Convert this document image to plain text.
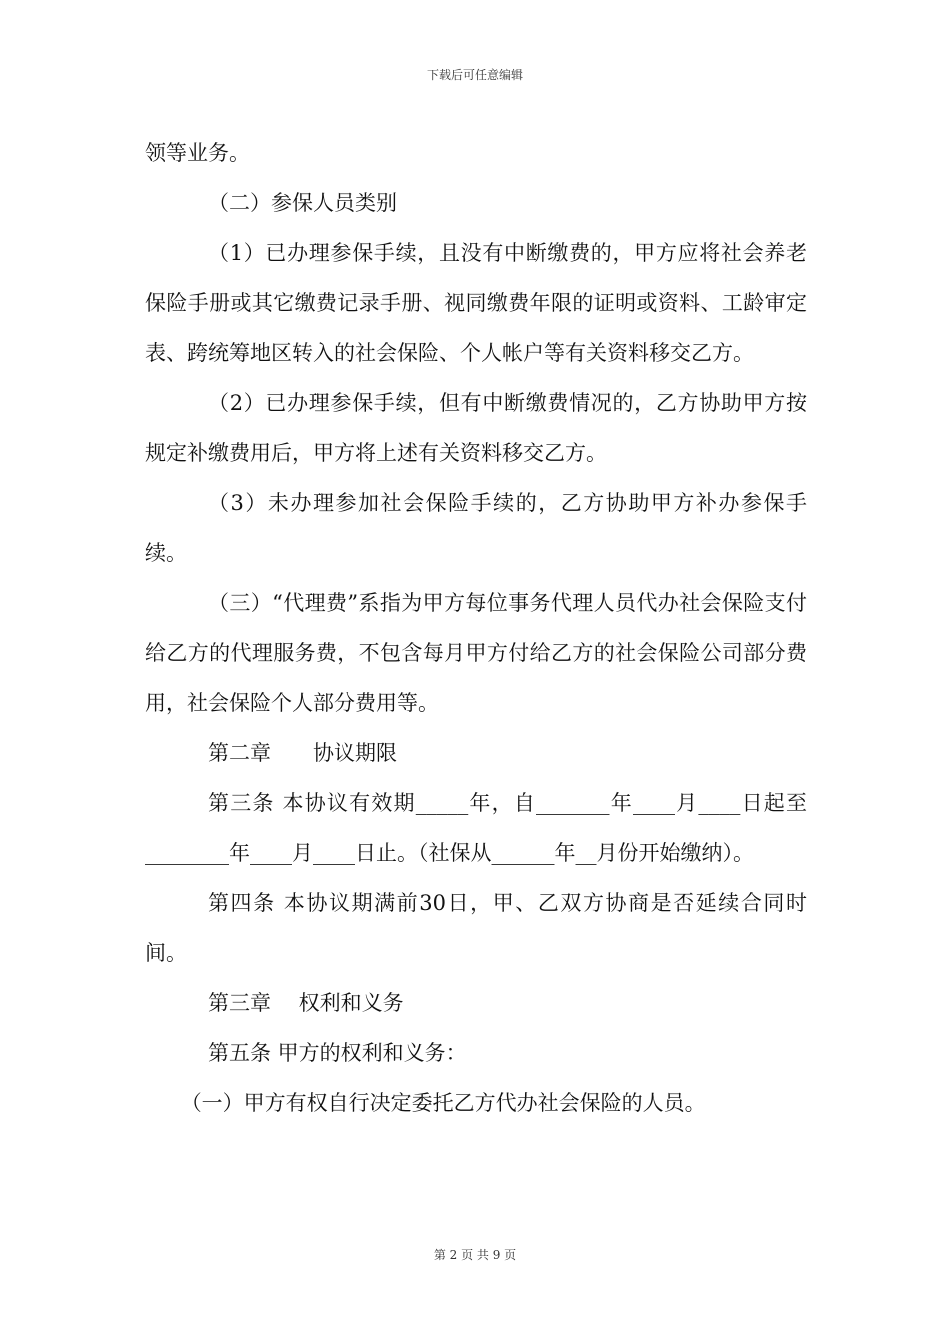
下载后可任意编辑

领等业务。

（二）参保人员类别

（1）已办理参保手续，且没有中断缴费的，甲方应将社会养老保险手册或其它缴费记录手册、视同缴费年限的证明或资料、工龄审定表、跨统筹地区转入的社会保险、个人帐户等有关资料移交乙方。

（2）已办理参保手续，但有中断缴费情况的，乙方协助甲方按规定补缴费用后，甲方将上述有关资料移交乙方。

（3）未办理参加社会保险手续的，乙方协助甲方补办参保手续。

（三）“代理费”系指为甲方每位事务代理人员代办社会保险支付给乙方的代理服务费，不包含每月甲方付给乙方的社会保险公司部分费用，社会保险个人部分费用等。

第二章　　协议期限

第三条 本协议有效期_____年，自_______年____月____日起至________年____月____日止。（社保从______年__月份开始缴纳）。

第四条 本协议期满前30日，甲、乙双方协商是否延续合同时间。

第三章　 权利和义务

第五条 甲方的权利和义务：

（一）甲方有权自行决定委托乙方代办社会保险的人员。

第 2 页 共 9 页
